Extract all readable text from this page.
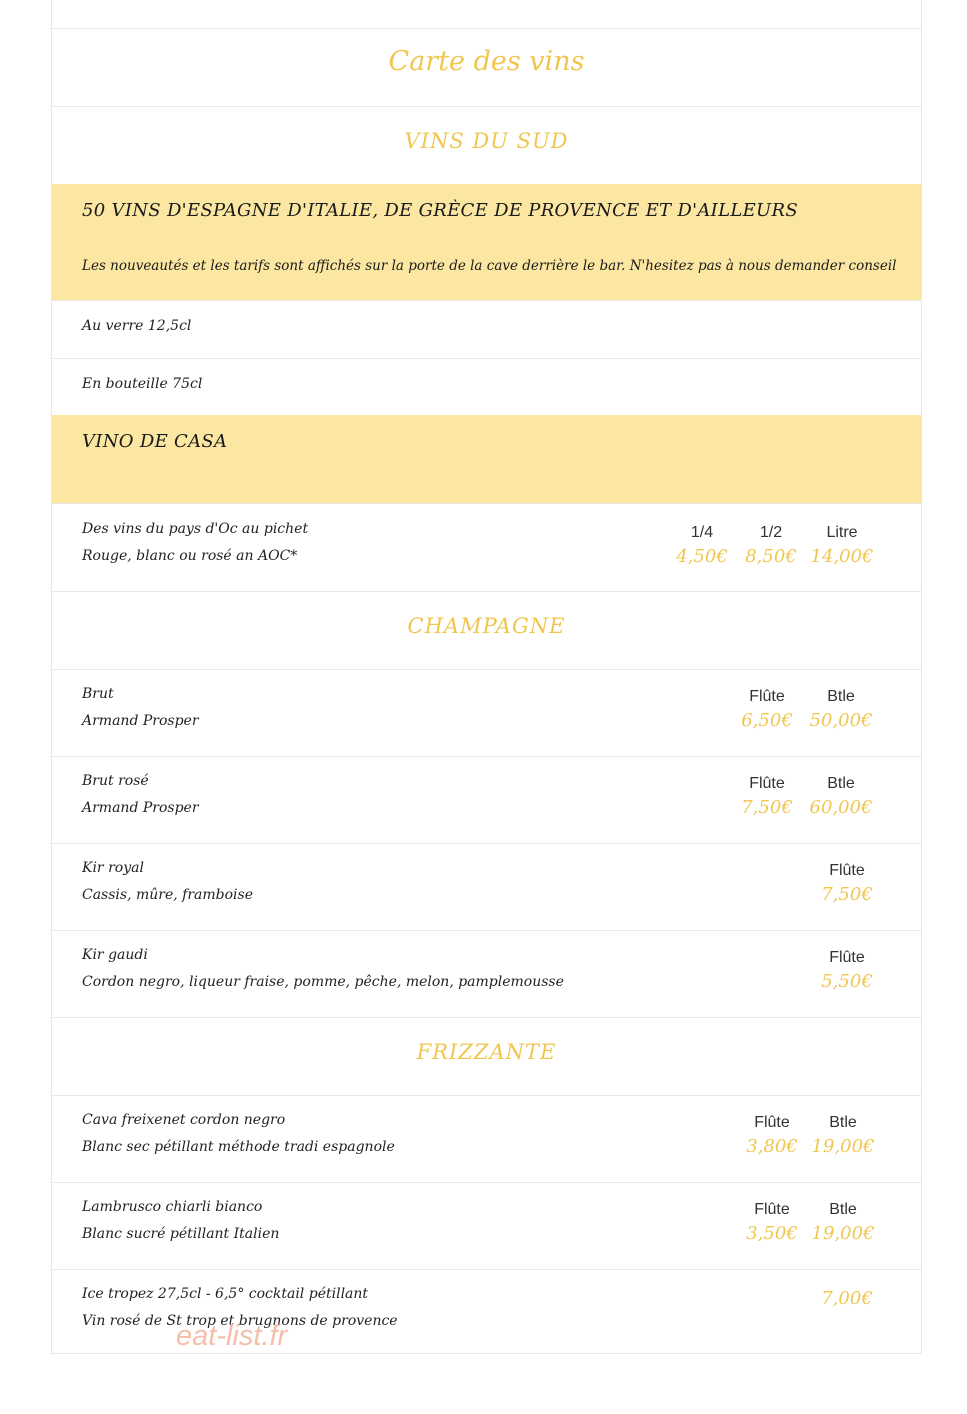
Carte des vins
VINS DU SUD
50 VINS D'ESPAGNE D'ITALIE, DE GRÈCE DE PROVENCE ET D'AILLEURS
Les nouveautés et les tarifs sont affichés sur la porte de la cave derrière le bar. N'hesitez pas à nous demander conseil
Au verre 12,5cl
En bouteille 75cl
VINO DE CASA
Des vins du pays d'Oc au pichet
Rouge, blanc ou rosé an AOC*
1/4
4,50€
1/2
8,50€
Litre
14,00€
CHAMPAGNE
Brut
Armand Prosper
Flûte
6,50€
Btle
50,00€
Brut rosé
Armand Prosper
Flûte
7,50€
Btle
60,00€
Kir royal
Cassis, mûre, framboise
Flûte
7,50€
Kir gaudi
Cordon negro, liqueur fraise, pomme, pêche, melon, pamplemousse
Flûte
5,50€
FRIZZANTE
Cava freixenet cordon negro
Blanc sec pétillant méthode tradi espagnole
Flûte
3,80€
Btle
19,00€
Lambrusco chiarli bianco
Blanc sucré pétillant Italien
Flûte
3,50€
Btle
19,00€
Ice tropez 27,5cl - 6,5° cocktail pétillant
Vin rosé de St trop et brugnons de provence
7,00€
eat-list.fr
